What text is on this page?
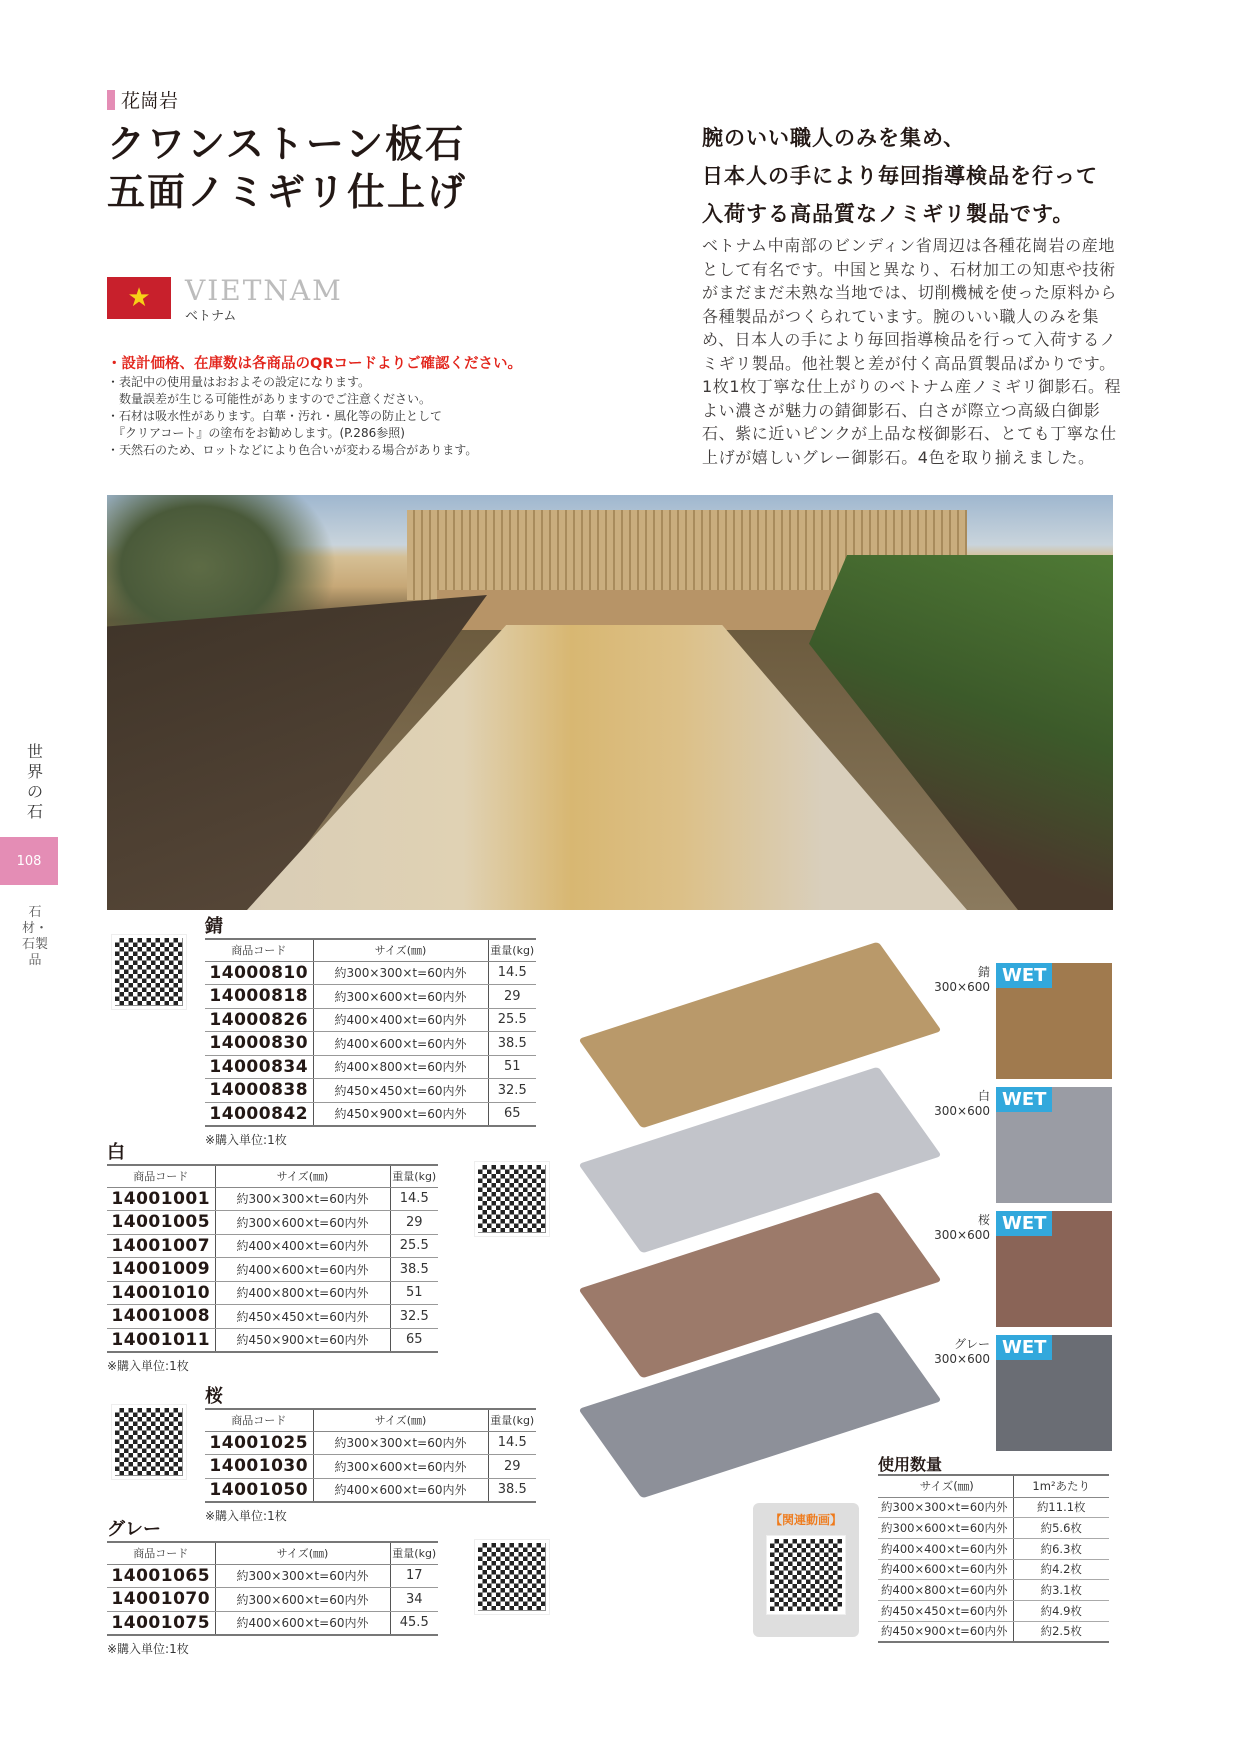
花崗岩
クワンストーン板石
五面ノミギリ仕上げ
★ VIETNAM
ベトナム
・設計価格、在庫数は各商品のQRコードよりご確認ください。
・表記中の使用量はおおよその設定になります。
　数量誤差が生じる可能性がありますのでご注意ください。
・石材は吸水性があります。白華・汚れ・風化等の防止として
　『クリアコート』の塗布をお勧めします。(P.286参照)
・天然石のため、ロットなどにより色合いが変わる場合があります。
腕のいい職人のみを集め、
日本人の手により毎回指導検品を行って
入荷する高品質なノミギリ製品です。
ベトナム中南部のビンディン省周辺は各種花崗岩の産地として有名です。中国と異なり、石材加工の知恵や技術がまだまだ未熟な当地では、切削機械を使った原料から各種製品がつくられています。腕のいい職人のみを集め、日本人の手により毎回指導検品を行って入荷するノミギリ製品。他社製と差が付く高品質製品ばかりです。1枚1枚丁寧な仕上がりのベトナム産ノミギリ御影石。程よい濃さが魅力の錆御影石、白さが際立つ高級白御影石、紫に近いピンクが上品な桜御影石、とても丁寧な仕上げが嬉しいグレー御影石。4色を取り揃えました。
世界の石
108
石材・石製品
錆
商品コード	サイズ(㎜)	重量(kg)
14000810	約300×300×t=60内外	14.5
14000818	約300×600×t=60内外	29
14000826	約400×400×t=60内外	25.5
14000830	約400×600×t=60内外	38.5
14000834	約400×800×t=60内外	51
14000838	約450×450×t=60内外	32.5
14000842	約450×900×t=60内外	65
※購入単位:1枚
白
商品コード	サイズ(㎜)	重量(kg)
14001001	約300×300×t=60内外	14.5
14001005	約300×600×t=60内外	29
14001007	約400×400×t=60内外	25.5
14001009	約400×600×t=60内外	38.5
14001010	約400×800×t=60内外	51
14001008	約450×450×t=60内外	32.5
14001011	約450×900×t=60内外	65
※購入単位:1枚
桜
商品コード	サイズ(㎜)	重量(kg)
14001025	約300×300×t=60内外	14.5
14001030	約300×600×t=60内外	29
14001050	約400×600×t=60内外	38.5
※購入単位:1枚
グレー
商品コード	サイズ(㎜)	重量(kg)
14001065	約300×300×t=60内外	17
14001070	約300×600×t=60内外	34
14001075	約400×600×t=60内外	45.5
※購入単位:1枚
錆
300×600
WET
白
300×600
WET
桜
300×600
WET
グレー
300×600
WET
【関連動画】
使用数量
サイズ(㎜)	1m²あたり
約300×300×t=60内外	約11.1枚
約300×600×t=60内外	約5.6枚
約400×400×t=60内外	約6.3枚
約400×600×t=60内外	約4.2枚
約400×800×t=60内外	約3.1枚
約450×450×t=60内外	約4.9枚
約450×900×t=60内外	約2.5枚
